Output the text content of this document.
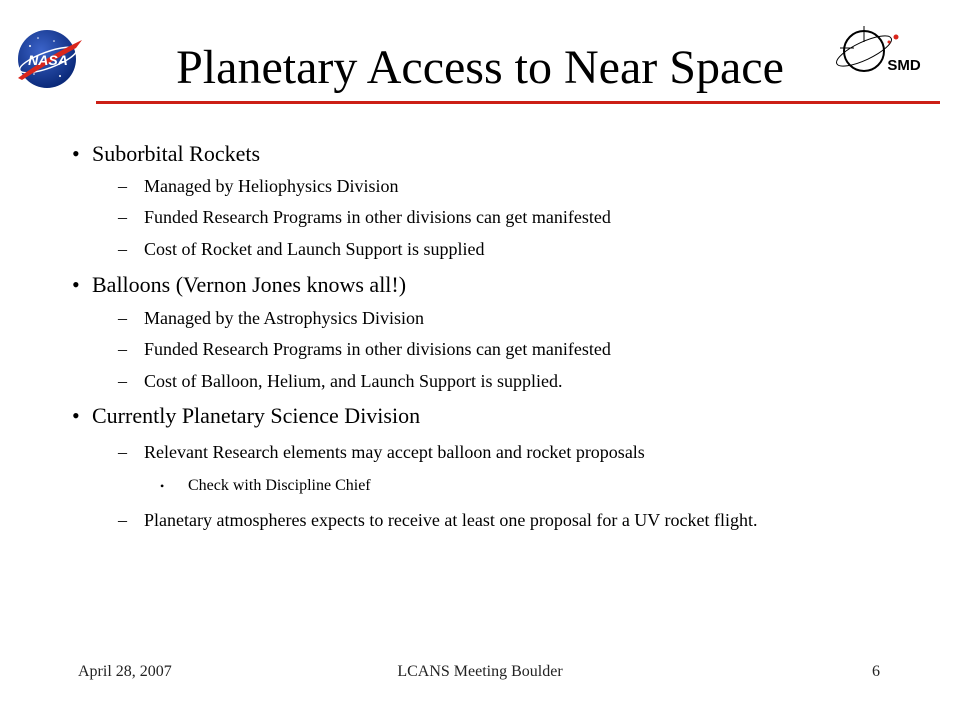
NASA	SMD
Planetary Access to Near Space
• Suborbital Rockets
– Managed by Heliophysics Division
– Funded Research Programs in other divisions can get manifested
– Cost of Rocket and Launch Support is supplied
• Balloons (Vernon Jones knows all!)
– Managed by the Astrophysics Division
– Funded Research Programs in other divisions can get manifested
– Cost of Balloon, Helium, and Launch Support is supplied.
• Currently Planetary Science Division
– Relevant Research elements may accept balloon and rocket proposals
• Check with Discipline Chief
– Planetary atmospheres expects to receive at least one proposal for a UV rocket flight.
April 28, 2007	LCANS Meeting Boulder	6
